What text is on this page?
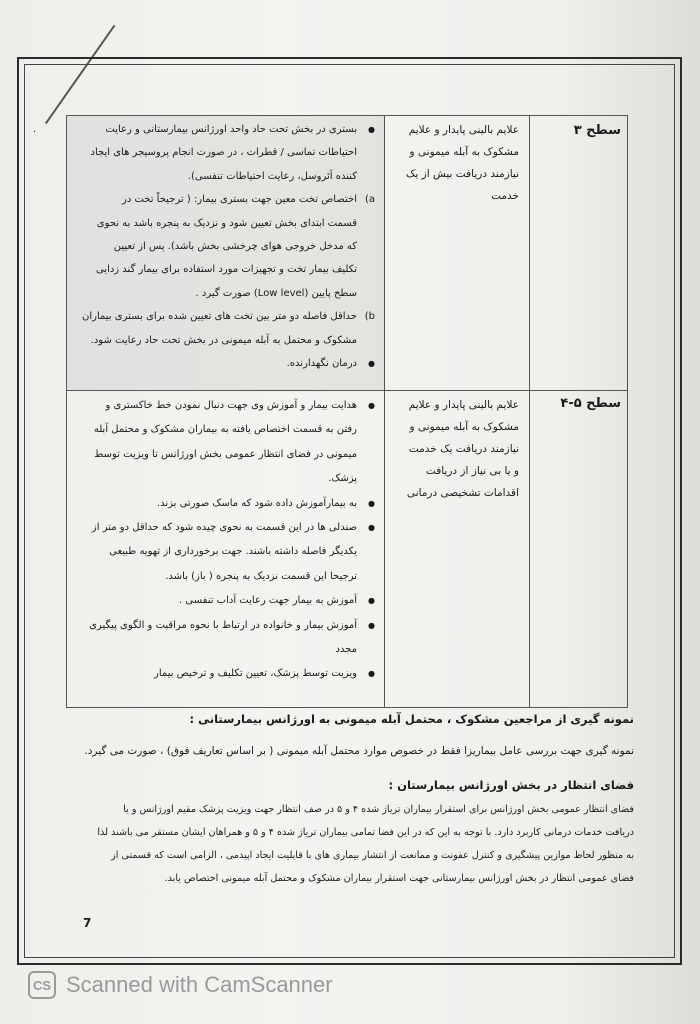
.	سطح ۳
علایم بالینی پایدار و علایم
مشکوک به آبله میمونی و
نیازمند دریافت بیش از یک
خدمت
● بستری در بخش تحت حاد واحد اورژانس بیمارستانی و رعایت
احتیاطات تماسی / قطرات ، در صورت انجام پروسیجر های ایجاد
کننده آئروسل، رعایت احتیاطات تنفسی).
a)
اختصاص تخت معین جهت بستری بیمار: ( ترجیحاً تخت در
قسمت ابتدای بخش تعیین شود و نزدیک به پنجره باشد به نحوی
که مدخل خروجی هوای چرخشی بخش باشد). پس از تعیین
تکلیف بیمار تخت و تجهیزات مورد استفاده برای بیمار گند زدایی
سطح پایین (Low level) صورت گیرد .
b)
حداقل فاصله دو متر بین تخت های تعیین شده برای بستری بیماران
مشکوک و محتمل به آبله میمونی در بخش تحت حاد رعایت شود.
● درمان نگهدارنده.
سطح ۵-۴
علایم بالینی پایدار و علایم
مشکوک به آبله میمونی و
نیازمند دریافت یک خدمت
و یا بی نیاز از دریافت
اقدامات تشخیصی درمانی
● هدایت بیمار و آموزش وی جهت دنبال نمودن خط خاکستری و
رفتن به قسمت اختصاص یافته به بیماران مشکوک و محتمل آبله
میمونی در فضای انتظار عمومی بخش اورژانس تا ویزیت توسط
پزشک.
● به بیمارآموزش داده شود که ماسک صورتی بزند.
● صندلی ها در این قسمت به نحوی چیده شود که حداقل دو متر از
یکدیگر فاصله داشته باشند. جهت برخورداری از تهویه طبیعی
ترجیحا این قسمت نزدیک به پنجره ( باز) باشد.
● آموزش به بیمار جهت رعایت آداب تنفسی .
● آموزش بیمار و خانواده در ارتباط با نحوه مراقبت و الگوی پیگیری
مجدد
● ویزیت توسط پزشک، تعیین تکلیف و ترخیص بیمار
نمونه گیری از مراجعین مشکوک ، محتمل آبله میمونی به اورژانس بیمارستانی :
نمونه گیری جهت بررسی عامل بیماریزا فقط در خصوص موارد محتمل آبله میمونی ( بر اساس تعاریف فوق) ، صورت می گیرد.
فضای انتظار در بخش اورژانس بیمارستان :
فضای انتظار عمومی بخش اورژانس برای استقرار بیماران تریاژ شده ۴ و ۵ در صف انتظار جهت ویزیت پزشک مقیم اورژانس و یا
دریافت خدمات درمانی کاربرد دارد. با توجه به این که در این فضا تمامی بیماران تریاژ شده ۴ و ۵ و همراهان ایشان مستقر می باشند لذا
به منظور لحاظ موازین پیشگیری و کنترل عفونت و ممانعت از انتشار بیماری های با قابلیت ایجاد اپیدمی ، الزامی است که قسمتی از
فضای عمومی انتظار در بخش اورژانس بیمارستانی جهت استقرار بیماران مشکوک و محتمل آبله میمونی اختصاص یابد.
7
CS Scanned with CamScanner
